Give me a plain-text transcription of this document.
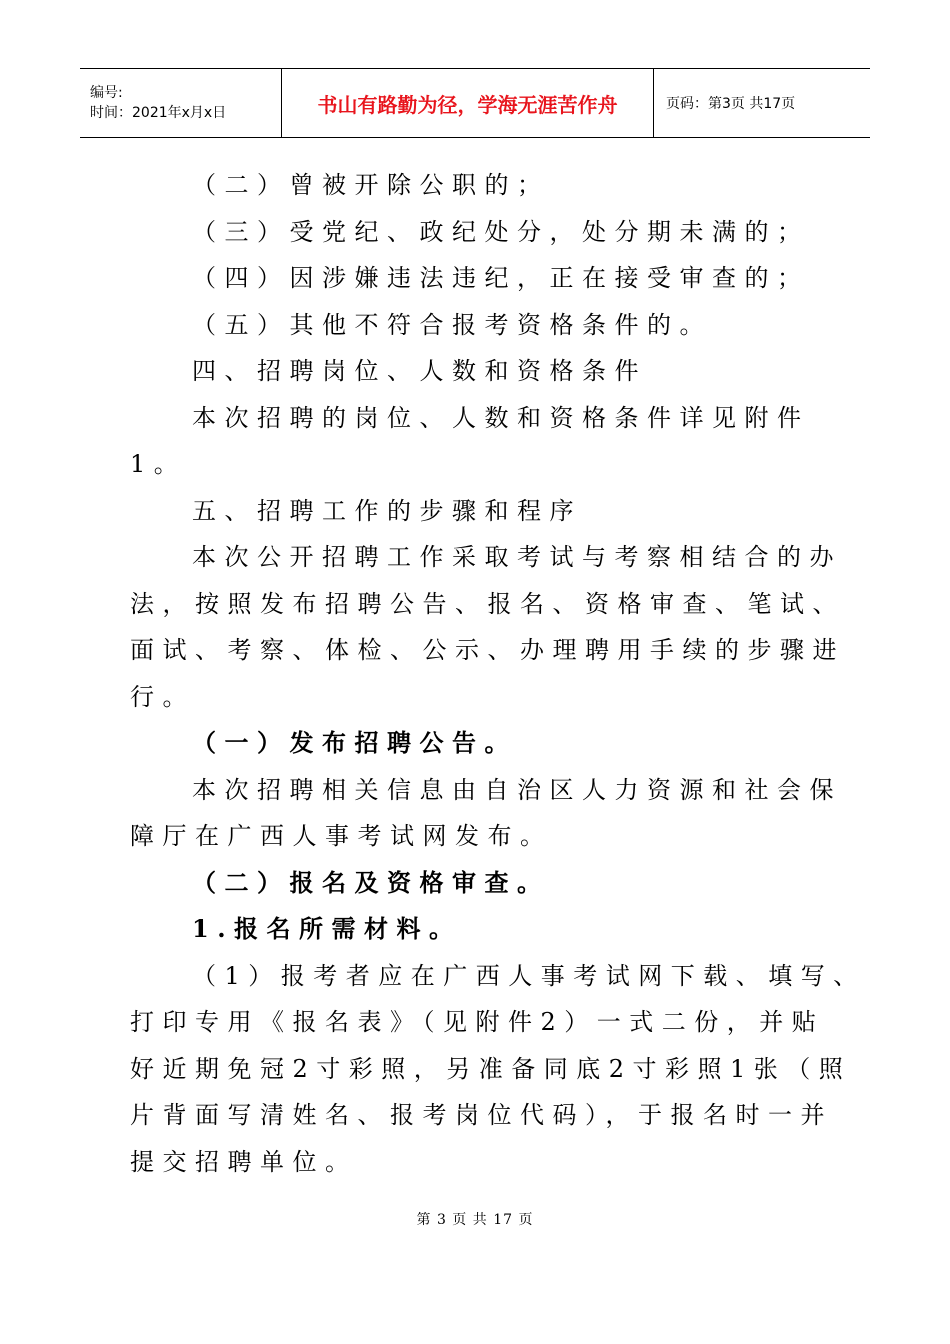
编号:
时间：2021年x月x日	书山有路勤为径，学海无涯苦作舟	页码：第3页 共17页
（二）曾被开除公职的；
（三）受党纪、政纪处分，处分期未满的；
（四）因涉嫌违法违纪，正在接受审查的；
（五）其他不符合报考资格条件的。
四、招聘岗位、人数和资格条件
本次招聘的岗位、人数和资格条件详见附件
1。
五、招聘工作的步骤和程序
本次公开招聘工作采取考试与考察相结合的办
法，按照发布招聘公告、报名、资格审查、笔试、
面试、考察、体检、公示、办理聘用手续的步骤进
行。
（一）发布招聘公告。
本次招聘相关信息由自治区人力资源和社会保
障厅在广西人事考试网发布。
（二）报名及资格审查。
1.报名所需材料。
（1）报考者应在广西人事考试网下载、填写、
打印专用《报名表》（见附件2）一式二份，并贴
好近期免冠2寸彩照，另准备同底2寸彩照1张（照
片背面写清姓名、报考岗位代码），于报名时一并
提交招聘单位。
第 3 页 共 17 页
